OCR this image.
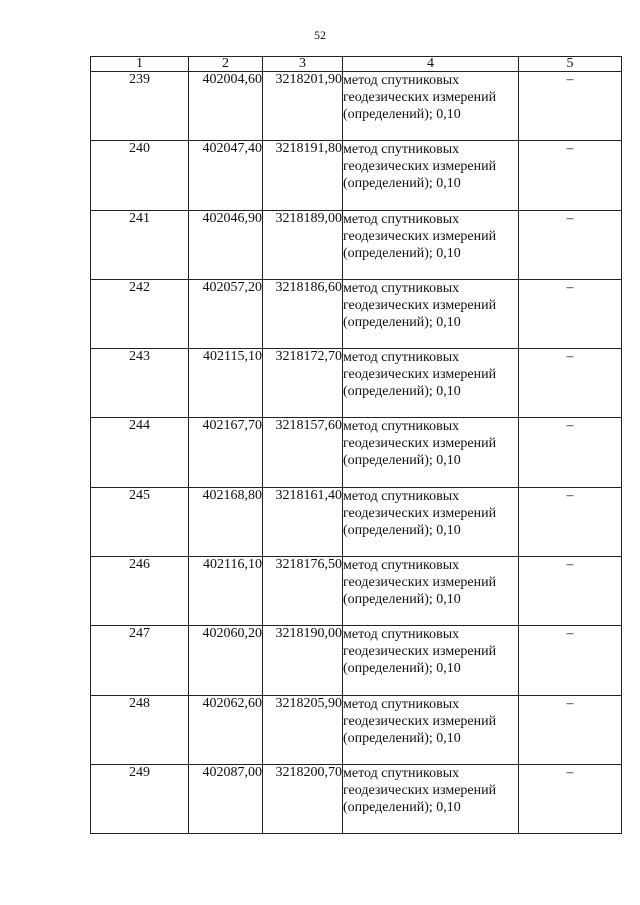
52
1	2	3	4	5
239	402004,60	3218201,90	метод спутниковых геодезических измерений (определений); 0,10	–
240	402047,40	3218191,80	метод спутниковых геодезических измерений (определений); 0,10	–
241	402046,90	3218189,00	метод спутниковых геодезических измерений (определений); 0,10	–
242	402057,20	3218186,60	метод спутниковых геодезических измерений (определений); 0,10	–
243	402115,10	3218172,70	метод спутниковых геодезических измерений (определений); 0,10	–
244	402167,70	3218157,60	метод спутниковых геодезических измерений (определений); 0,10	–
245	402168,80	3218161,40	метод спутниковых геодезических измерений (определений); 0,10	–
246	402116,10	3218176,50	метод спутниковых геодезических измерений (определений); 0,10	–
247	402060,20	3218190,00	метод спутниковых геодезических измерений (определений); 0,10	–
248	402062,60	3218205,90	метод спутниковых геодезических измерений (определений); 0,10	–
249	402087,00	3218200,70	метод спутниковых геодезических измерений (определений); 0,10	–
